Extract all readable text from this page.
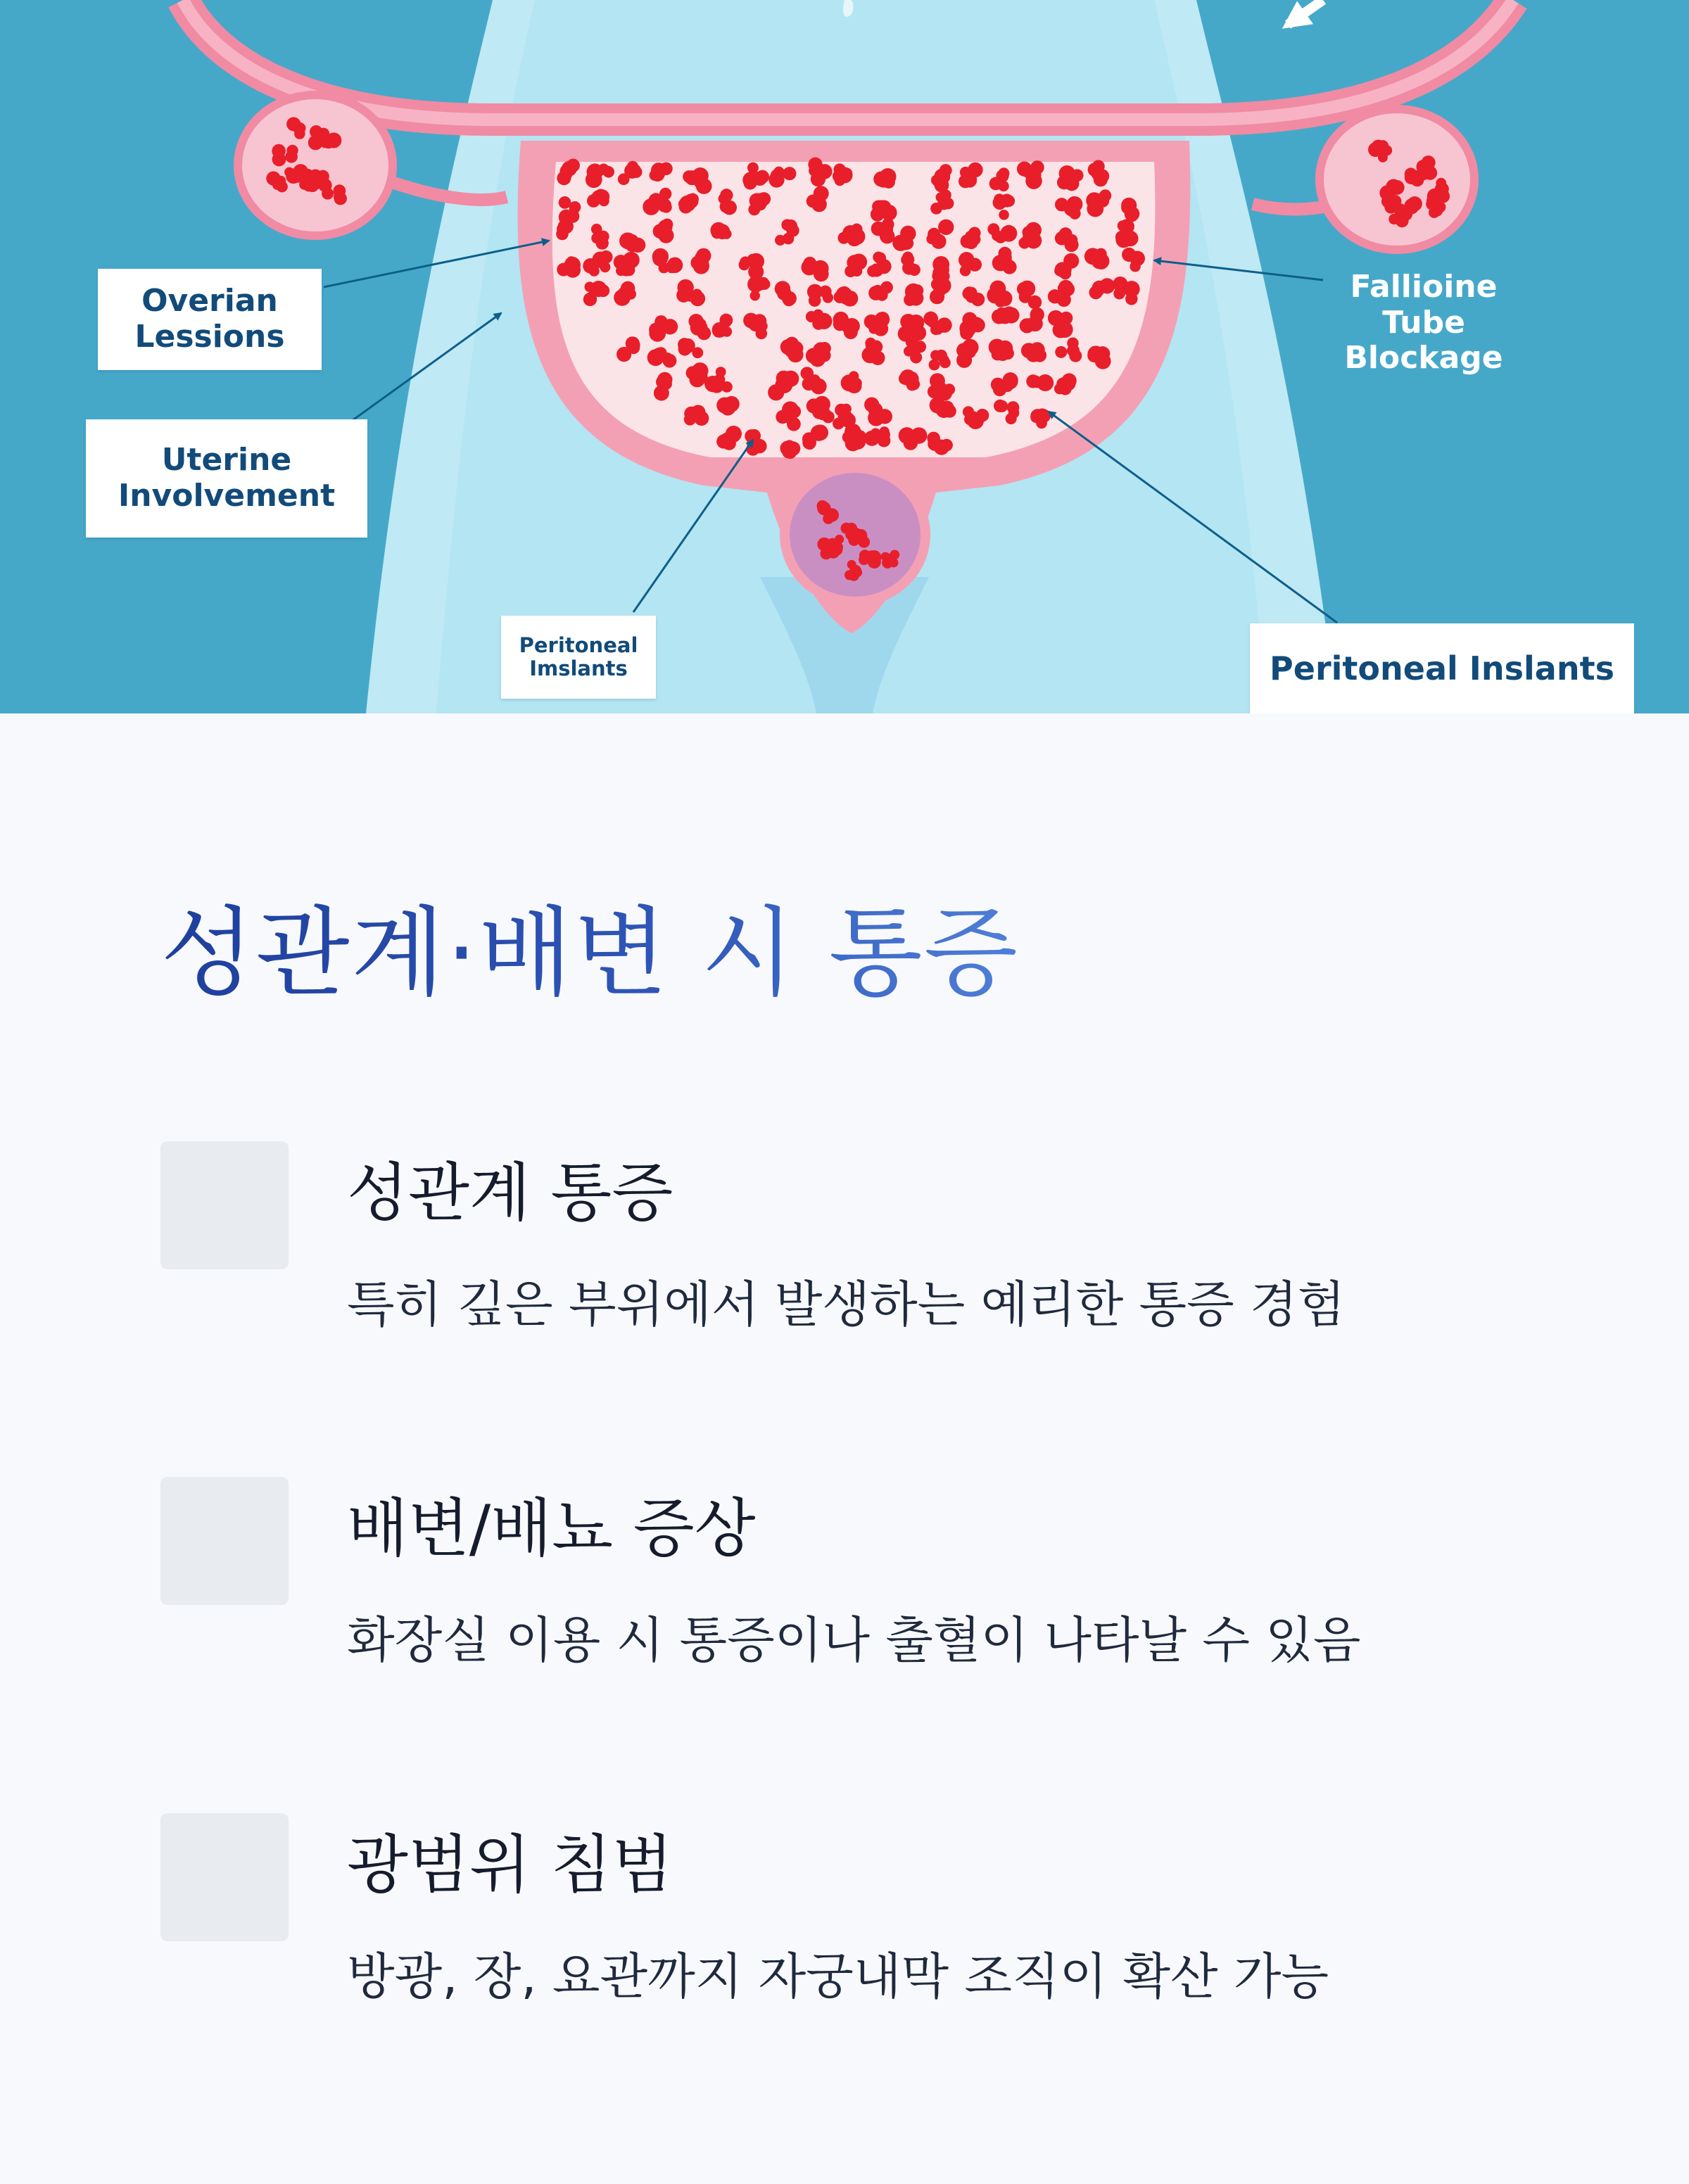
Overian
Lessions
Uterine
Involvement
Fallioine
Tube
Blockage
Peritoneal
Imslants	Peritoneal Inslants
성관계·배변 시 통증
성관계 통증

특히 깊은 부위에서 발생하는 예리한 통증 경험

배변/배뇨 증상

화장실 이용 시 통증이나 출혈이 나타날 수 있음

광범위 침범

방광, 장, 요관까지 자궁내막 조직이 확산 가능
